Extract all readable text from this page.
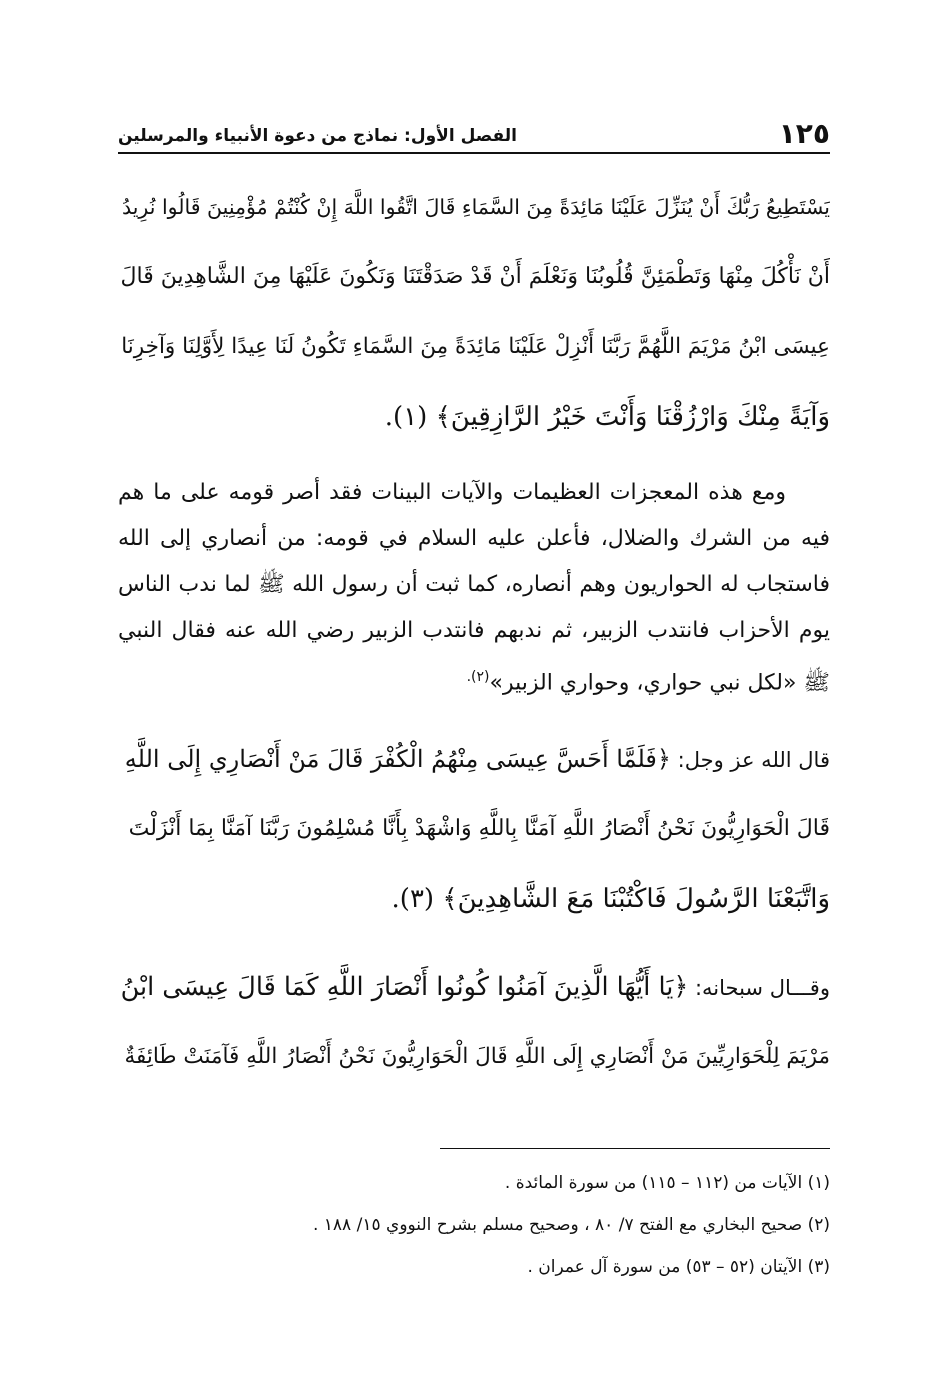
١٢٥
الفصل الأول: نماذج من دعوة الأنبياء والمرسلين

يَسْتَطِيعُ رَبُّكَ أَنْ يُنَزِّلَ عَلَيْنَا مَائِدَةً مِنَ السَّمَاءِ قَالَ اتَّقُوا اللَّهَ إِنْ كُنْتُمْ مُؤْمِنِينَ قَالُوا نُرِيدُ

أَنْ نَأْكُلَ مِنْهَا وَتَطْمَئِنَّ قُلُوبُنَا وَنَعْلَمَ أَنْ قَدْ صَدَقْتَنَا وَنَكُونَ عَلَيْهَا مِنَ الشَّاهِدِينَ قَالَ

عِيسَى ابْنُ مَرْيَمَ اللَّهُمَّ رَبَّنَا أَنْزِلْ عَلَيْنَا مَائِدَةً مِنَ السَّمَاءِ تَكُونُ لَنَا عِيدًا لِأَوَّلِنَا وَآخِرِنَا

وَآيَةً مِنْكَ وَارْزُقْنَا وَأَنْتَ خَيْرُ الرَّازِقِينَ﴾ (١).

ومع هذه المعجزات العظيمات والآيات البينات فقد أصر قومه على ما هم فيه من الشرك والضلال، فأعلن عليه السلام في قومه: من أنصاري إلى الله فاستجاب له الحواريون وهم أنصاره، كما ثبت أن رسول الله ﷺ لما ندب الناس يوم الأحزاب فانتدب الزبير، ثم ندبهم فانتدب الزبير رضي الله عنه فقال النبي ﷺ «لكل نبي حواري، وحواري الزبير»$^{(٢).}$

قال الله عز وجل: ﴿فَلَمَّا أَحَسَّ عِيسَى مِنْهُمُ الْكُفْرَ قَالَ مَنْ أَنْصَارِي إِلَى اللَّهِ

قَالَ الْحَوَارِيُّونَ نَحْنُ أَنْصَارُ اللَّهِ آمَنَّا بِاللَّهِ وَاشْهَدْ بِأَنَّا مُسْلِمُونَ رَبَّنَا آمَنَّا بِمَا أَنْزَلْتَ

وَاتَّبَعْنَا الرَّسُولَ فَاكْتُبْنَا مَعَ الشَّاهِدِينَ﴾ (٣).

وقـــال سبحانه: ﴿يَا أَيُّهَا الَّذِينَ آمَنُوا كُونُوا أَنْصَارَ اللَّهِ كَمَا قَالَ عِيسَى ابْنُ

مَرْيَمَ لِلْحَوَارِيِّينَ مَنْ أَنْصَارِي إِلَى اللَّهِ قَالَ الْحَوَارِيُّونَ نَحْنُ أَنْصَارُ اللَّهِ فَآمَنَتْ طَائِفَةٌ

(١) الآيات من (١١٢ – ١١٥) من سورة المائدة .

(٢) صحيح البخاري مع الفتح ٧/ ٨٠ ، وصحيح مسلم بشرح النووي ١٥/ ١٨٨ .

(٣) الآيتان (٥٢ – ٥٣) من سورة آل عمران .
